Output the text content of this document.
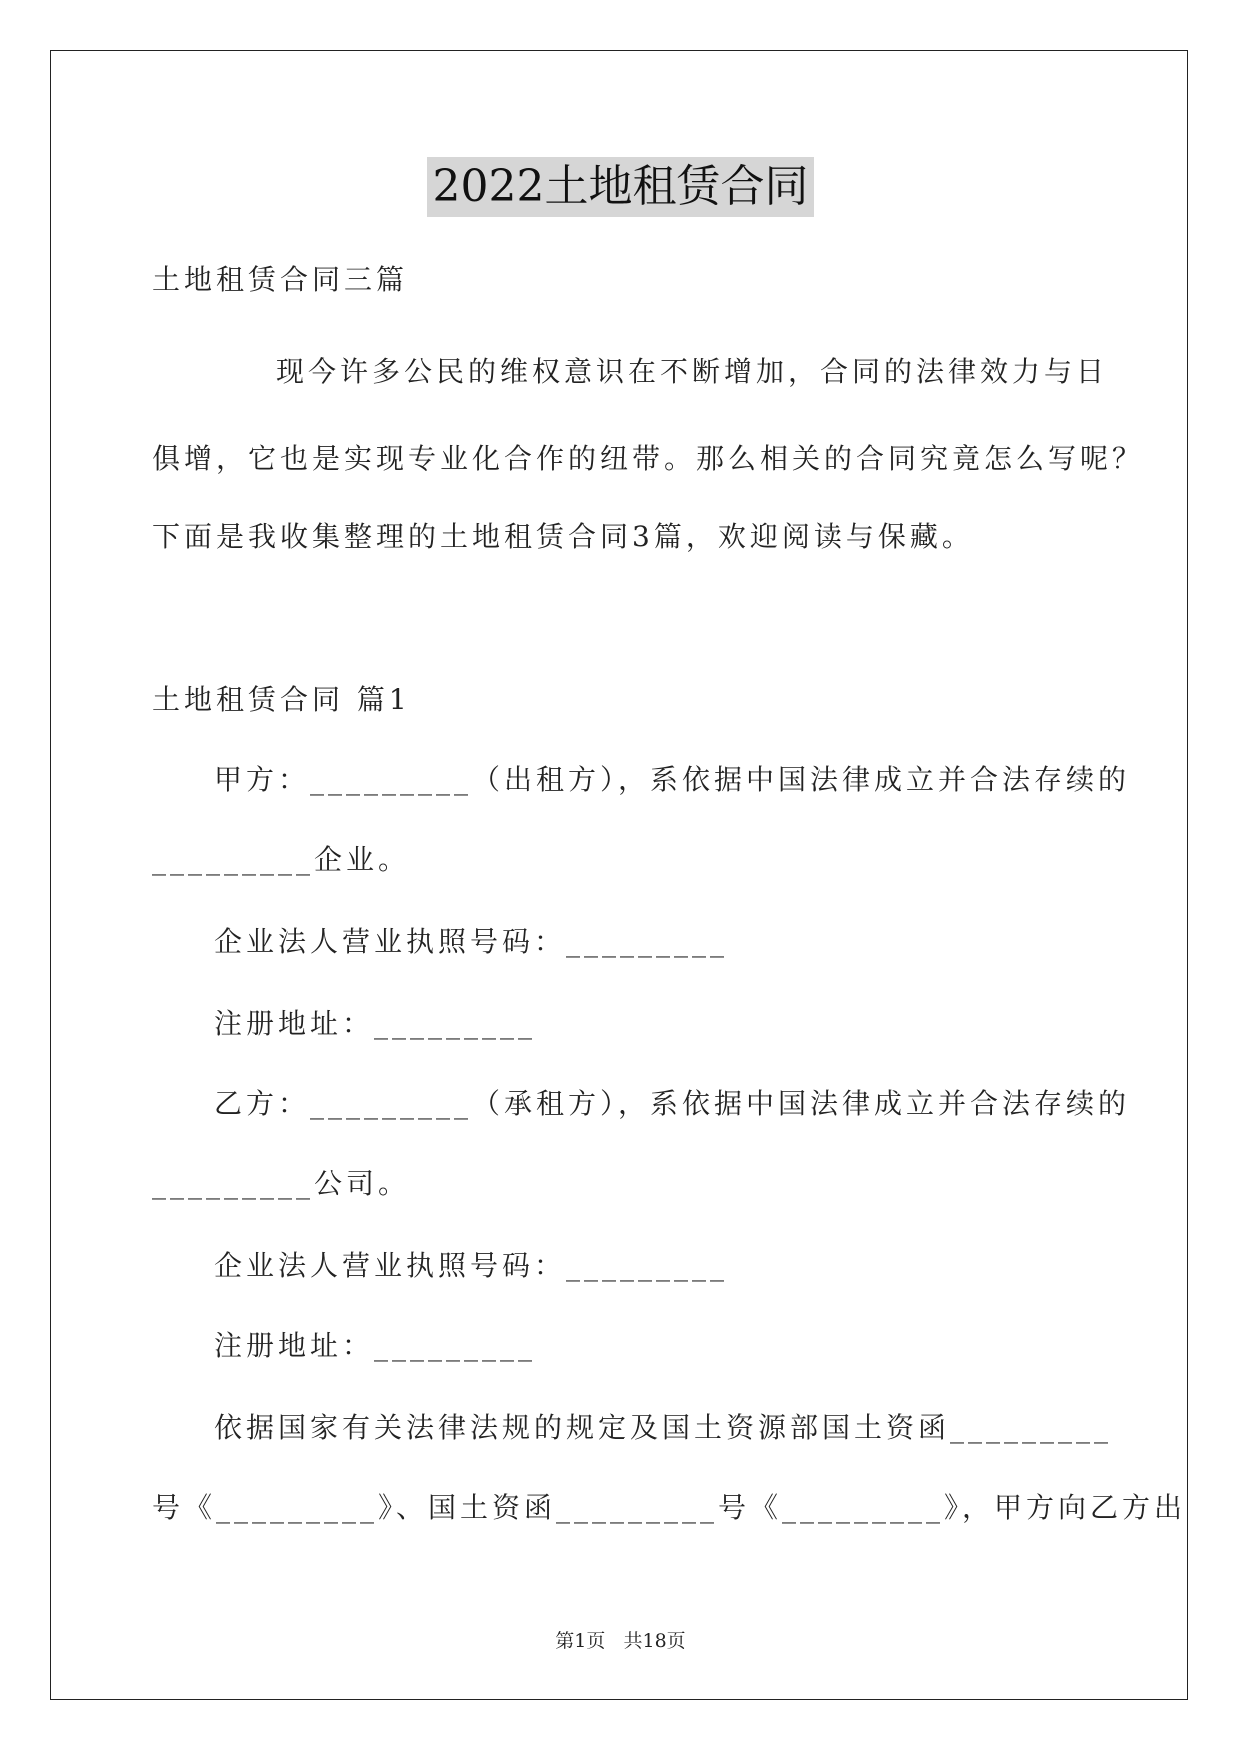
2022土地租赁合同
土地租赁合同三篇
现今许多公民的维权意识在不断增加，合同的法律效力与日
俱增，它也是实现专业化合作的纽带。那么相关的合同究竟怎么写呢？
下面是我收集整理的土地租赁合同3篇，欢迎阅读与保藏。
土地租赁合同 篇1
甲方：_________（出租方），系依据中国法律成立并合法存续的
_________企业。
企业法人营业执照号码：_________
注册地址：_________
乙方：_________（承租方），系依据中国法律成立并合法存续的
_________公司。
企业法人营业执照号码：_________
注册地址：_________
依据国家有关法律法规的规定及国土资源部国土资函_________
号《_________》、国土资函_________号《_________》，甲方向乙方出
第1页   共18页
